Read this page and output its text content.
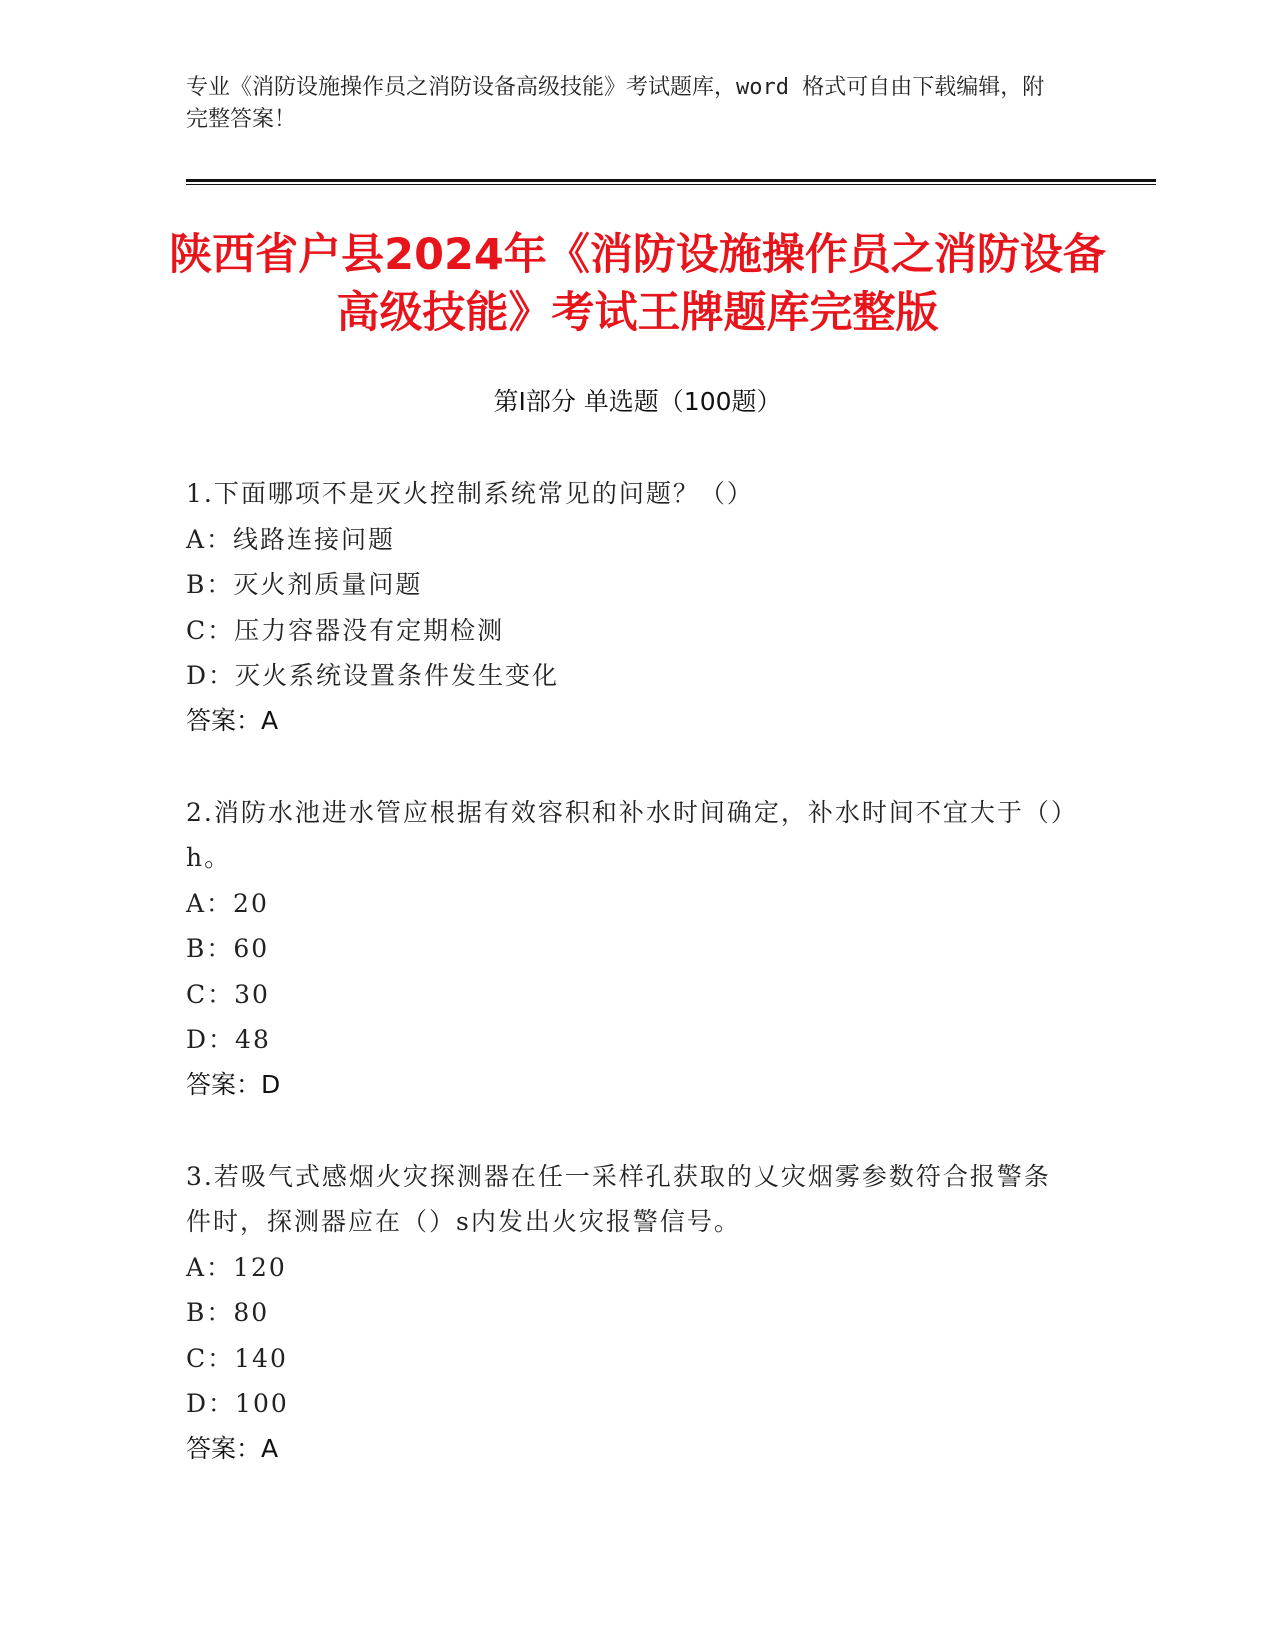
专业《消防设施操作员之消防设备高级技能》考试题库，word 格式可自由下载编辑，附完整答案！
陕西省户县2024年《消防设施操作员之消防设备高级技能》考试王牌题库完整版
第Ⅰ部分 单选题（100题）
1.下面哪项不是灭火控制系统常见的问题？（）
A：线路连接问题
B：灭火剂质量问题
C：压力容器没有定期检测
D：灭火系统设置条件发生变化
答案：A
2.消防水池进水管应根据有效容积和补水时间确定，补水时间不宜大于（）h。
A：20
B：60
C：30
D：48
答案：D
3.若吸气式感烟火灾探测器在任一采样孔获取的乂灾烟雾参数符合报警条件时，探测器应在（）s内发出火灾报警信号。
A：120
B：80
C：140
D：100
答案：A
